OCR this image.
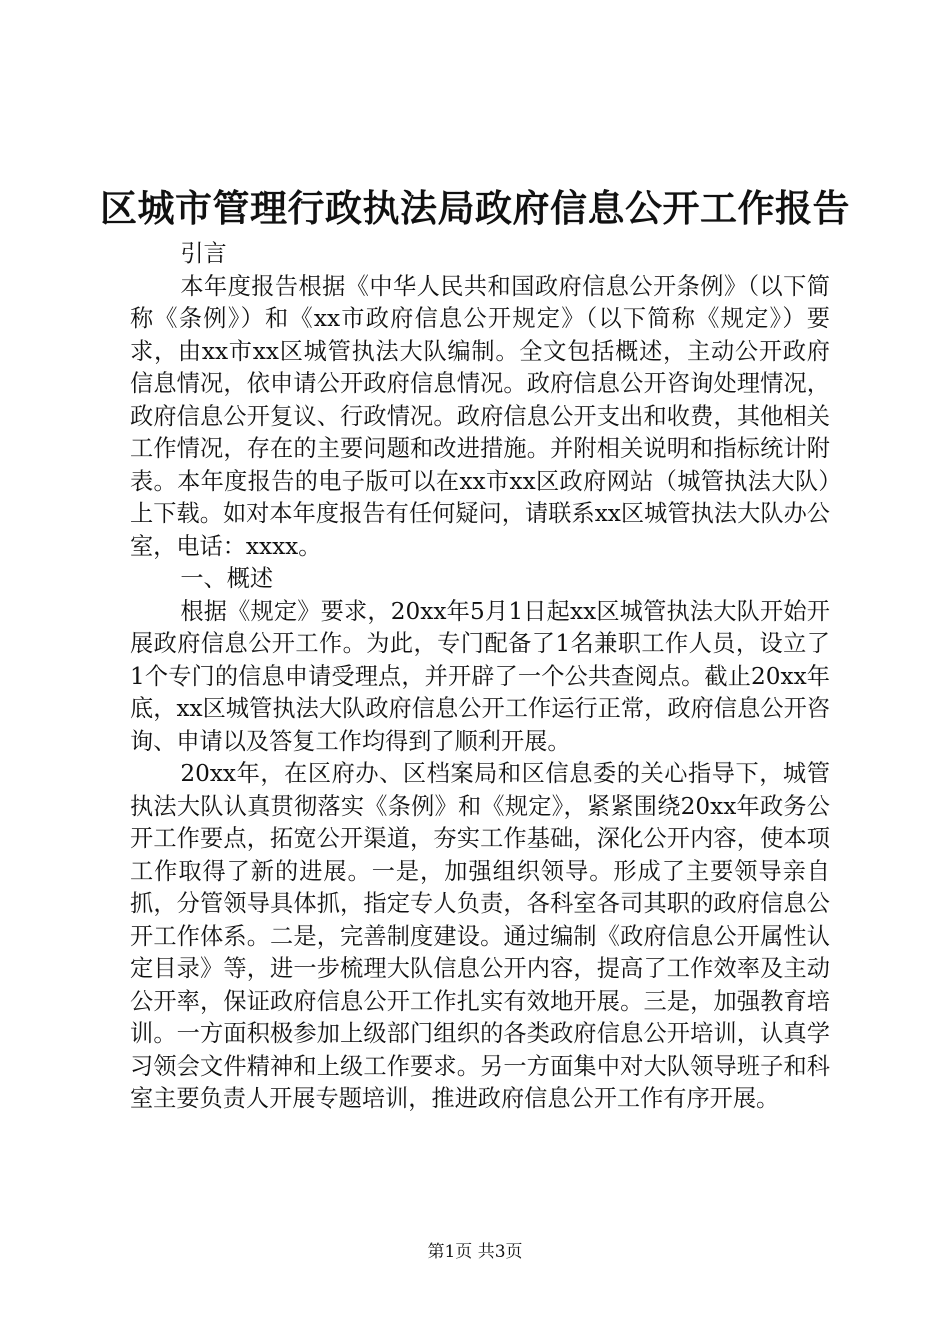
区城市管理行政执法局政府信息公开工作报告

引言

本年度报告根据《中华人民共和国政府信息公开条例》（以下简称《条例》）和《xx市政府信息公开规定》（以下简称《规定》）要求，由xx市xx区城管执法大队编制。全文包括概述，主动公开政府信息情况，依申请公开政府信息情况。政府信息公开咨询处理情况，政府信息公开复议、行政情况。政府信息公开支出和收费，其他相关工作情况，存在的主要问题和改进措施。并附相关说明和指标统计附表。本年度报告的电子版可以在xx市xx区政府网站（城管执法大队）上下载。如对本年度报告有任何疑问，请联系xx区城管执法大队办公室，电话：xxxx。

一、概述

根据《规定》要求，20xx年5月1日起xx区城管执法大队开始开展政府信息公开工作。为此，专门配备了1名兼职工作人员，设立了1个专门的信息申请受理点，并开辟了一个公共查阅点。截止20xx年底，xx区城管执法大队政府信息公开工作运行正常，政府信息公开咨询、申请以及答复工作均得到了顺利开展。

20xx年，在区府办、区档案局和区信息委的关心指导下，城管执法大队认真贯彻落实《条例》和《规定》，紧紧围绕20xx年政务公开工作要点，拓宽公开渠道，夯实工作基础，深化公开内容，使本项工作取得了新的进展。一是，加强组织领导。形成了主要领导亲自抓，分管领导具体抓，指定专人负责，各科室各司其职的政府信息公开工作体系。二是，完善制度建设。通过编制《政府信息公开属性认定目录》等，进一步梳理大队信息公开内容，提高了工作效率及主动公开率，保证政府信息公开工作扎实有效地开展。三是，加强教育培训。一方面积极参加上级部门组织的各类政府信息公开培训，认真学习领会文件精神和上级工作要求。另一方面集中对大队领导班子和科室主要负责人开展专题培训，推进政府信息公开工作有序开展。

第1页 共3页
